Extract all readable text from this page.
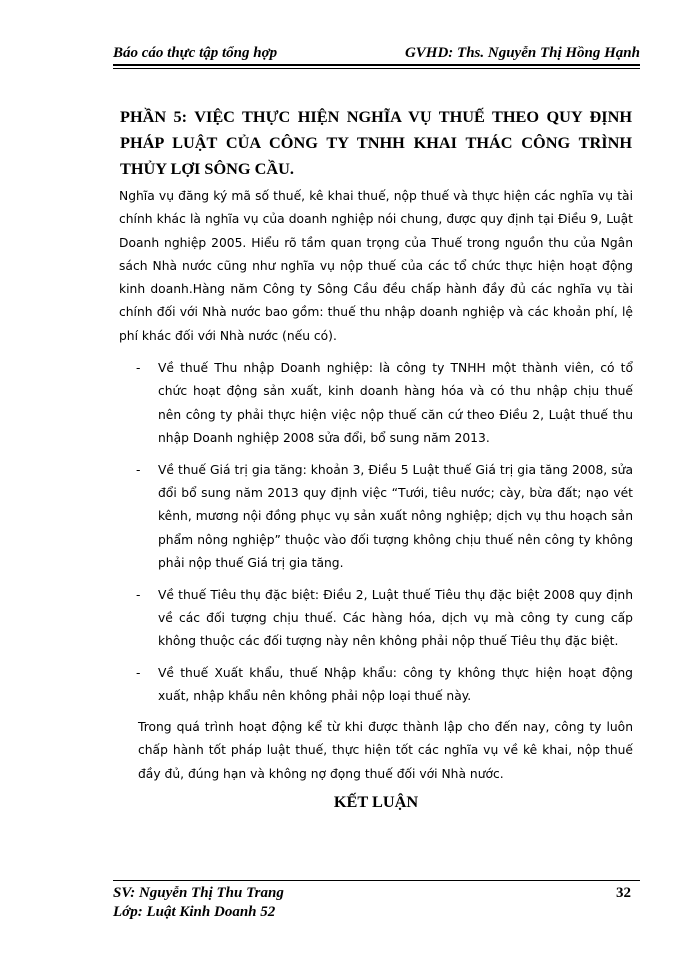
Báo cáo thực tập tổng hợp	GVHD: Ths. Nguyễn Thị Hồng Hạnh
PHẦN 5: VIỆC THỰC HIỆN NGHĨA VỤ THUẾ THEO QUY ĐỊNH PHÁP LUẬT CỦA CÔNG TY TNHH KHAI THÁC CÔNG TRÌNH THỦY LỢI SÔNG CẦU.

Nghĩa vụ đăng ký mã số thuế, kê khai thuế, nộp thuế và thực hiện các nghĩa vụ tài chính khác là nghĩa vụ của doanh nghiệp nói chung, được quy định tại Điều 9, Luật Doanh nghiệp 2005. Hiểu rõ tầm quan trọng của Thuế trong nguồn thu của Ngân sách Nhà nước cũng như nghĩa vụ nộp thuế của các tổ chức thực hiện hoạt động kinh doanh.Hàng năm Công ty Sông Cầu đều chấp hành đầy đủ các nghĩa vụ tài chính đối với Nhà nước bao gồm: thuế thu nhập doanh nghiệp và các khoản phí, lệ phí khác đối với Nhà nước (nếu có).

- Về thuế Thu nhập Doanh nghiệp: là công ty TNHH một thành viên, có tổ chức hoạt động sản xuất, kinh doanh hàng hóa và có thu nhập chịu thuế nên công ty phải thực hiện việc nộp thuế căn cứ theo Điều 2, Luật thuế thu nhập Doanh nghiệp 2008 sửa đổi, bổ sung năm 2013.
- Về thuế Giá trị gia tăng: khoản 3, Điều 5 Luật thuế Giá trị gia tăng 2008, sửa đổi bổ sung năm 2013 quy định việc “Tưới, tiêu nước; cày, bừa đất; nạo vét kênh, mương nội đồng phục vụ sản xuất nông nghiệp; dịch vụ thu hoạch sản phẩm nông nghiệp” thuộc vào đối tượng không chịu thuế nên công ty không phải nộp thuế Giá trị gia tăng.
- Về thuế Tiêu thụ đặc biệt: Điều 2, Luật thuế Tiêu thụ đặc biệt 2008 quy định về các đối tượng chịu thuế. Các hàng hóa, dịch vụ mà công ty cung cấp không thuộc các đối tượng này nên không phải nộp thuế Tiêu thụ đặc biệt.
- Về thuế Xuất khẩu, thuế Nhập khẩu: công ty không thực hiện hoạt động xuất, nhập khẩu nên không phải nộp loại thuế này.

Trong quá trình hoạt động kể từ khi được thành lập cho đến nay, công ty luôn chấp hành tốt pháp luật thuế, thực hiện tốt các nghĩa vụ về kê khai, nộp thuế đầy đủ, đúng hạn và không nợ đọng thuế đối với Nhà nước.

KẾT LUẬN
SV: Nguyễn Thị Thu Trang
Lớp: Luật Kinh Doanh 52
32
